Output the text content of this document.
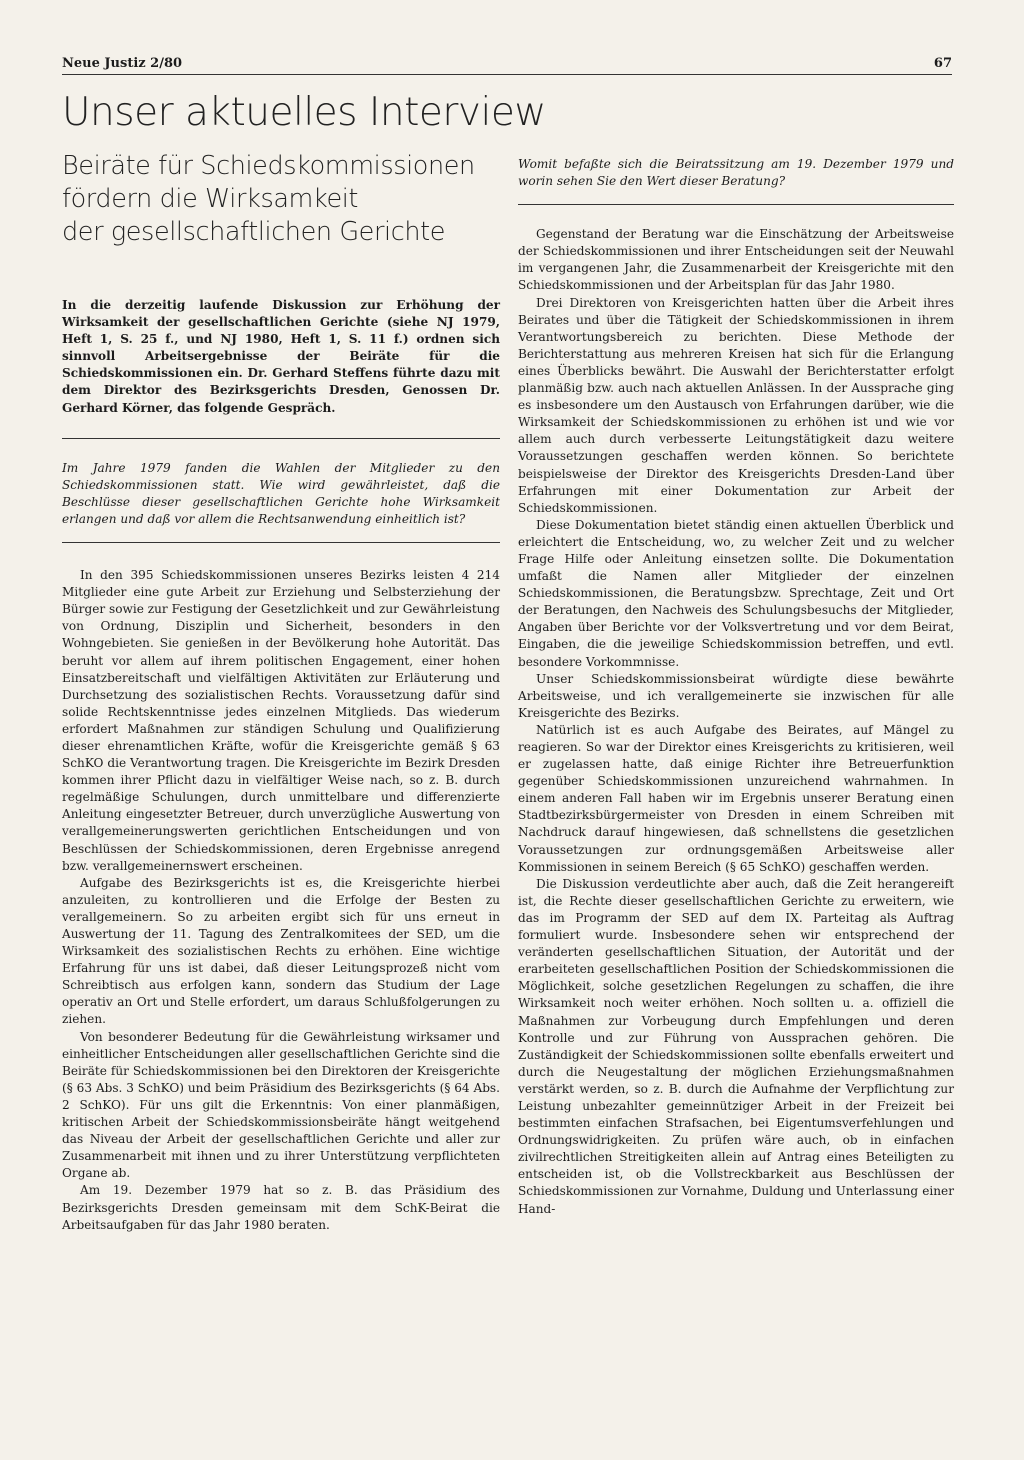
Neue Justiz 2/80	67
Unser aktuelles Interview
Beiräte für Schiedskommissionen
fördern die Wirksamkeit
der gesellschaftlichen Gerichte

In die derzeitig laufende Diskussion zur Erhöhung der Wirksamkeit der gesellschaftlichen Gerichte (siehe NJ 1979, Heft 1, S. 25 f., und NJ 1980, Heft 1, S. 11 f.) ordnen sich sinnvoll Arbeitsergebnisse der Beiräte für die Schiedskommissionen ein. Dr. Gerhard Steffens führte dazu mit dem Direktor des Bezirksgerichts Dresden, Genossen Dr. Gerhard Körner, das folgende Gespräch.

Im Jahre 1979 fanden die Wahlen der Mitglieder zu den Schiedskommissionen statt. Wie wird gewährleistet, daß die Beschlüsse dieser gesellschaftlichen Gerichte hohe Wirksamkeit erlangen und daß vor allem die Rechtsanwendung einheitlich ist?

In den 395 Schiedskommissionen unseres Bezirks leisten 4 214 Mitglieder eine gute Arbeit zur Erziehung und Selbsterziehung der Bürger sowie zur Festigung der Gesetzlichkeit und zur Gewährleistung von Ordnung, Disziplin und Sicherheit, besonders in den Wohngebieten. Sie genießen in der Bevölkerung hohe Autorität. Das beruht vor allem auf ihrem politischen Engagement, einer hohen Einsatzbereitschaft und vielfältigen Aktivitäten zur Erläuterung und Durchsetzung des sozialistischen Rechts. Voraussetzung dafür sind solide Rechtskenntnisse jedes einzelnen Mitglieds. Das wiederum erfordert Maßnahmen zur ständigen Schulung und Qualifizierung dieser ehrenamtlichen Kräfte, wofür die Kreisgerichte gemäß § 63 SchKO die Verantwortung tragen. Die Kreisgerichte im Bezirk Dresden kommen ihrer Pflicht dazu in vielfältiger Weise nach, so z. B. durch regelmäßige Schulungen, durch unmittelbare und differenzierte Anleitung eingesetzter Betreuer, durch unverzügliche Auswertung von verallgemeinerungswerten gerichtlichen Entscheidungen und von Beschlüssen der Schiedskommissionen, deren Ergebnisse anregend bzw. verallgemeinernswert erscheinen.

Aufgabe des Bezirksgerichts ist es, die Kreisgerichte hierbei anzuleiten, zu kontrollieren und die Erfolge der Besten zu verallgemeinern. So zu arbeiten ergibt sich für uns erneut in Auswertung der 11. Tagung des Zentralkomitees der SED, um die Wirksamkeit des sozialistischen Rechts zu erhöhen. Eine wichtige Erfahrung für uns ist dabei, daß dieser Leitungsprozeß nicht vom Schreibtisch aus erfolgen kann, sondern das Studium der Lage operativ an Ort und Stelle erfordert, um daraus Schlußfolgerungen zu ziehen.

Von besonderer Bedeutung für die Gewährleistung wirksamer und einheitlicher Entscheidungen aller gesellschaftlichen Gerichte sind die Beiräte für Schiedskommissionen bei den Direktoren der Kreisgerichte (§ 63 Abs. 3 SchKO) und beim Präsidium des Bezirksgerichts (§ 64 Abs. 2 SchKO). Für uns gilt die Erkenntnis: Von einer planmäßigen, kritischen Arbeit der Schiedskommissionsbeiräte hängt weitgehend das Niveau der Arbeit der gesellschaftlichen Gerichte und aller zur Zusammenarbeit mit ihnen und zu ihrer Unterstützung verpflichteten Organe ab.

Am 19. Dezember 1979 hat so z. B. das Präsidium des Bezirksgerichts Dresden gemeinsam mit dem SchK-Beirat die Arbeitsaufgaben für das Jahr 1980 beraten.

Womit befaßte sich die Beiratssitzung am 19. Dezember 1979 und worin sehen Sie den Wert dieser Beratung?

Gegenstand der Beratung war die Einschätzung der Arbeitsweise der Schiedskommissionen und ihrer Entscheidungen seit der Neuwahl im vergangenen Jahr, die Zusammenarbeit der Kreisgerichte mit den Schiedskommissionen und der Arbeitsplan für das Jahr 1980.

Drei Direktoren von Kreisgerichten hatten über die Arbeit ihres Beirates und über die Tätigkeit der Schiedskommissionen in ihrem Verantwortungsbereich zu berichten. Diese Methode der Berichterstattung aus mehreren Kreisen hat sich für die Erlangung eines Überblicks bewährt. Die Auswahl der Berichterstatter erfolgt planmäßig bzw. auch nach aktuellen Anlässen. In der Aussprache ging es insbesondere um den Austausch von Erfahrungen darüber, wie die Wirksamkeit der Schiedskommissionen zu erhöhen ist und wie vor allem auch durch verbesserte Leitungstätigkeit dazu weitere Voraussetzungen geschaffen werden können. So berichtete beispielsweise der Direktor des Kreisgerichts Dresden-Land über Erfahrungen mit einer Dokumentation zur Arbeit der Schiedskommissionen.

Diese Dokumentation bietet ständig einen aktuellen Überblick und erleichtert die Entscheidung, wo, zu welcher Zeit und zu welcher Frage Hilfe oder Anleitung einsetzen sollte. Die Dokumentation umfaßt die Namen aller Mitglieder der einzelnen Schiedskommissionen, die Beratungsbzw. Sprechtage, Zeit und Ort der Beratungen, den Nachweis des Schulungsbesuchs der Mitglieder, Angaben über Berichte vor der Volksvertretung und vor dem Beirat, Eingaben, die die jeweilige Schiedskommission betreffen, und evtl. besondere Vorkommnisse.

Unser Schiedskommissionsbeirat würdigte diese bewährte Arbeitsweise, und ich verallgemeinerte sie inzwischen für alle Kreisgerichte des Bezirks.

Natürlich ist es auch Aufgabe des Beirates, auf Mängel zu reagieren. So war der Direktor eines Kreisgerichts zu kritisieren, weil er zugelassen hatte, daß einige Richter ihre Betreuerfunktion gegenüber Schiedskommissionen unzureichend wahrnahmen. In einem anderen Fall haben wir im Ergebnis unserer Beratung einen Stadtbezirksbürgermeister von Dresden in einem Schreiben mit Nachdruck darauf hingewiesen, daß schnellstens die gesetzlichen Voraussetzungen zur ordnungsgemäßen Arbeitsweise aller Kommissionen in seinem Bereich (§ 65 SchKO) geschaffen werden.

Die Diskussion verdeutlichte aber auch, daß die Zeit herangereift ist, die Rechte dieser gesellschaftlichen Gerichte zu erweitern, wie das im Programm der SED auf dem IX. Parteitag als Auftrag formuliert wurde. Insbesondere sehen wir entsprechend der veränderten gesellschaftlichen Situation, der Autorität und der erarbeiteten gesellschaftlichen Position der Schiedskommissionen die Möglichkeit, solche gesetzlichen Regelungen zu schaffen, die ihre Wirksamkeit noch weiter erhöhen. Noch sollten u. a. offiziell die Maßnahmen zur Vorbeugung durch Empfehlungen und deren Kontrolle und zur Führung von Aussprachen gehören. Die Zuständigkeit der Schiedskommissionen sollte ebenfalls erweitert und durch die Neugestaltung der möglichen Erziehungsmaßnahmen verstärkt werden, so z. B. durch die Aufnahme der Verpflichtung zur Leistung unbezahlter gemeinnütziger Arbeit in der Freizeit bei bestimmten einfachen Strafsachen, bei Eigentumsverfehlungen und Ordnungswidrigkeiten. Zu prüfen wäre auch, ob in einfachen zivilrechtlichen Streitigkeiten allein auf Antrag eines Beteiligten zu entscheiden ist, ob die Vollstreckbarkeit aus Beschlüssen der Schiedskommissionen zur Vornahme, Duldung und Unterlassung einer Hand-
